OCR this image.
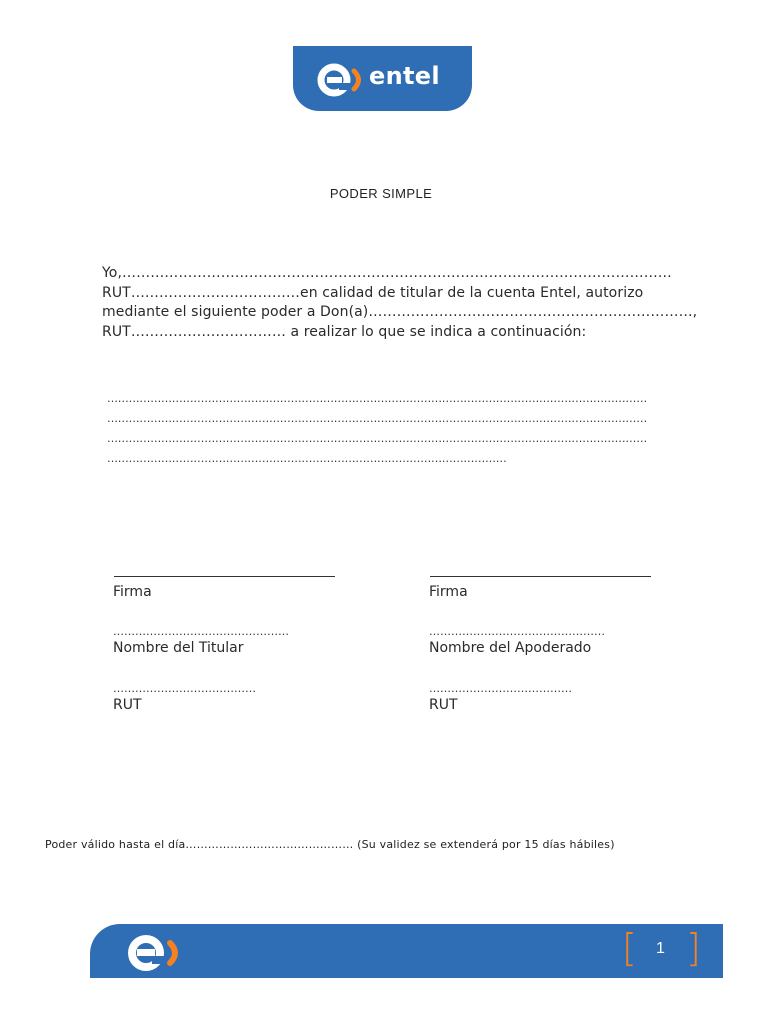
entel
PODER SIMPLE
Yo,………………………………………………………………………………………………………
RUT………………………………en calidad de titular de la cuenta Entel, autorizo
mediante el siguiente poder a Don(a)……………………………………………………………,
RUT…………………………… a realizar lo que se indica a continuación:
……………………………………………………………………………………………………………………………………
……………………………………………………………………………………………………………………………………
……………………………………………………………………………………………………………………………………
…………………………………………………………………………………………………
Firma
…………………………………………
Nombre del Titular
…………………………………
RUT
Firma
…………………………………………
Nombre del Apoderado
…………………………………
RUT
Poder válido hasta el día……………………………………… (Su validez se extenderá por 15 días hábiles)
[ 1 ]
